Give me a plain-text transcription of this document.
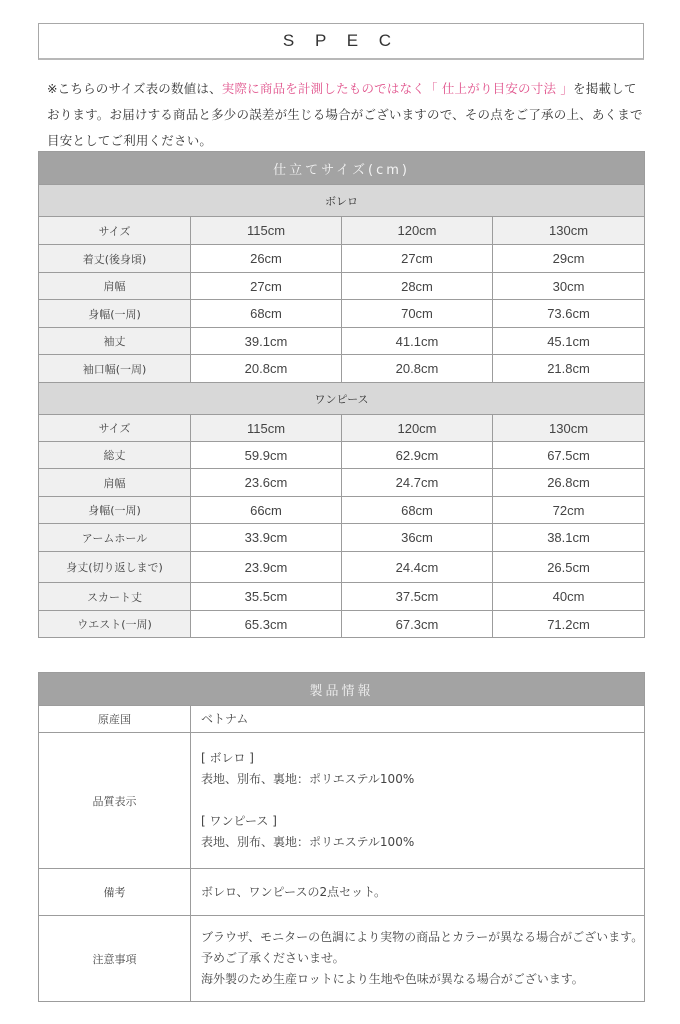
S P E C

※こちらのサイズ表の数値は、実際に商品を計測したものではなく「 仕上がり目安の寸法 」を掲載しております。お届けする商品と多少の誤差が生じる場合がございますので、その点をご了承の上、あくまで目安としてご利用ください。

仕立てサイズ(cm)			
ボレロ			
サイズ	115cm	120cm	130cm
着丈(後身頃)	26cm	27cm	29cm
肩幅	27cm	28cm	30cm
身幅(一周)	68cm	70cm	73.6cm
袖丈	39.1cm	41.1cm	45.1cm
袖口幅(一周)	20.8cm	20.8cm	21.8cm
ワンピース			
サイズ	115cm	120cm	130cm
総丈	59.9cm	62.9cm	67.5cm
肩幅	23.6cm	24.7cm	26.8cm
身幅(一周)	66cm	68cm	72cm
アームホール	33.9cm	36cm	38.1cm
身丈(切り返しまで)	23.9cm	24.4cm	26.5cm
スカート丈	35.5cm	37.5cm	40cm
ウエスト(一周)	65.3cm	67.3cm	71.2cm
製品情報	
原産国	ベトナム
品質表示	[ ボレロ ]
表地、別布、裏地：ポリエステル100%
[ ワンピース ]
表地、別布、裏地：ポリエステル100%

備考	ボレロ、ワンピースの2点セット。
注意事項	ブラウザ、モニターの色調により実物の商品とカラーが異なる場合がございます。
予めご了承くださいませ。
海外製のため生産ロットにより生地や色味が異なる場合がございます。
